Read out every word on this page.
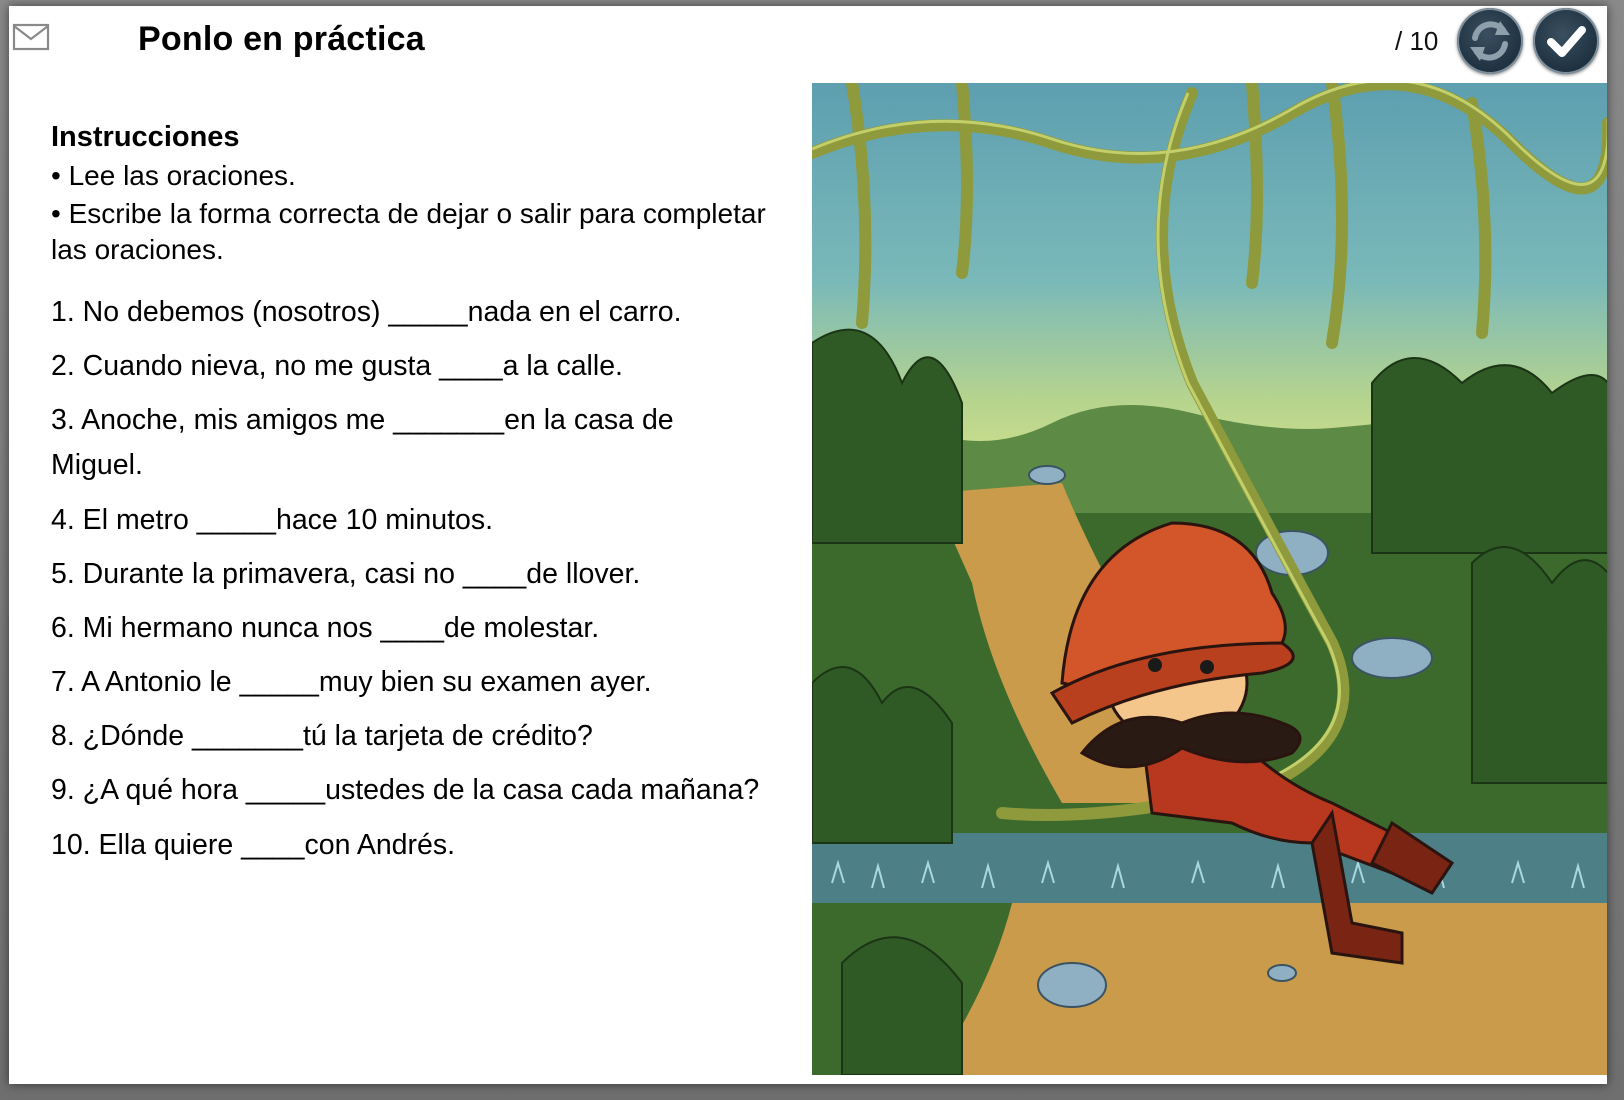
Ponlo en práctica	/ 10
Instrucciones
• Lee las oraciones.
• Escribe la forma correcta de dejar o salir para completar las oraciones.
1. No debemos (nosotros) _____nada en el carro.
2. Cuando nieva, no me gusta ____a la calle.
3. Anoche, mis amigos me _______en la casa de Miguel.
4. El metro _____hace 10 minutos.
5. Durante la primavera, casi no ____de llover.
6. Mi hermano nunca nos ____de molestar.
7. A Antonio le _____muy bien su examen ayer.
8. ¿Dónde _______tú la tarjeta de crédito?
9. ¿A qué hora _____ustedes de la casa cada mañana?
10. Ella quiere ____con Andrés.
